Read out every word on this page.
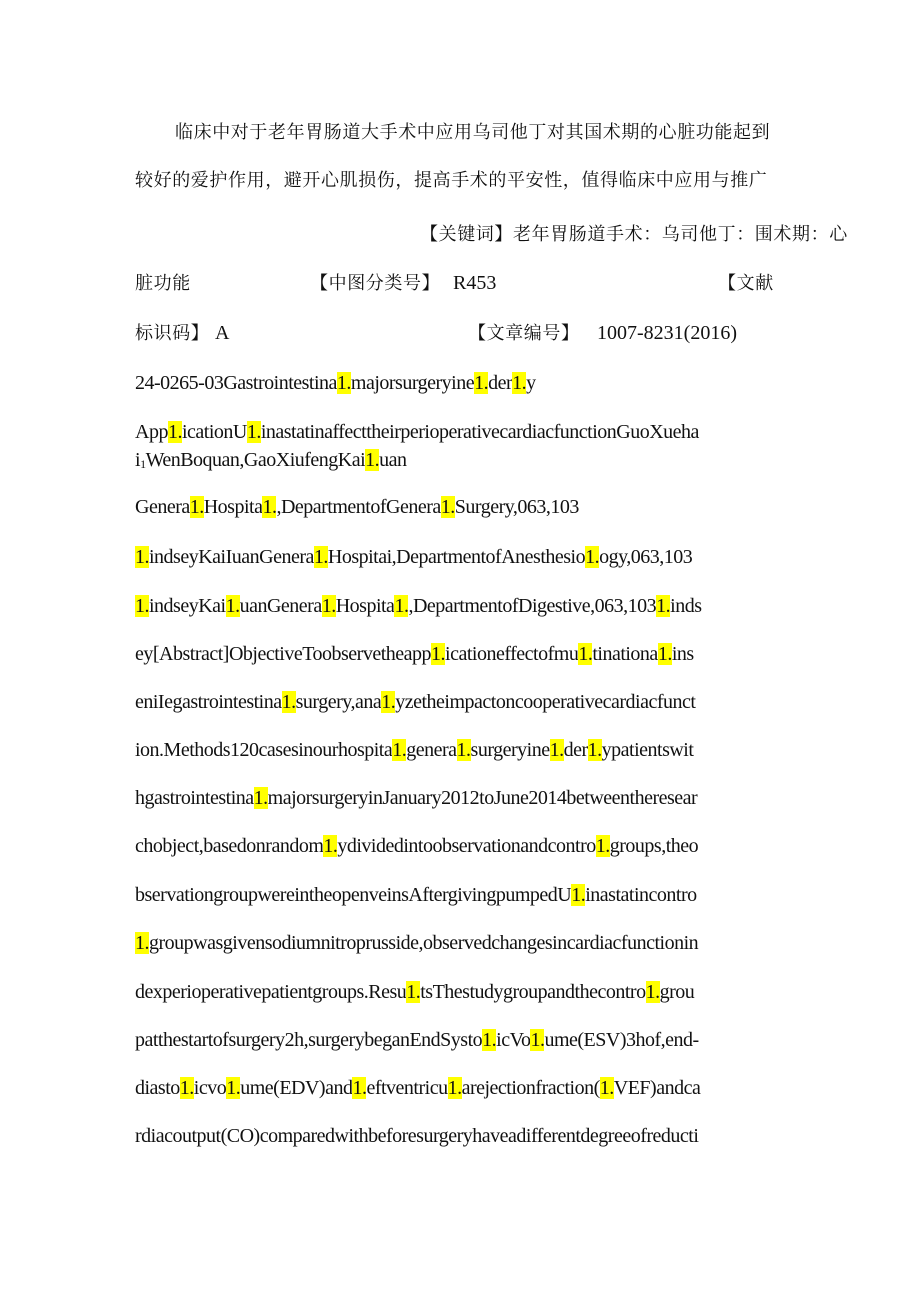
临床中对于老年胃肠道大手术中应用乌司他丁对其国术期的心脏功能起到
较好的爱护作用，避开心肌损伤，提高手术的平安性，值得临床中应用与推广
【关键词】老年胃肠道手术：乌司他丁：围术期：心
脏功能	【中图分类号】 R453	【文献
标识码】 A	【文章编号】 1007-8231(2016)
24-0265-03Gastrointestina1.majorsurgeryine1.der1.y
App1.icationU1.inastatinaffecttheirperioperativecardiacfunctionGuoXueha
i1WenBoquan,GaoXiufengKai1.uan
Genera1.Hospita1.,DepartmentofGenera1.Surgery,063,103
1.indseyKaiIuanGenera1.Hospitai,DepartmentofAnesthesio1.ogy,063,103
1.indseyKai1.uanGenera1.Hospita1.,DepartmentofDigestive,063,1031.inds
ey[Abstract]ObjectiveToobservetheapp1.icationeffectofmu1.tinationa1.ins
eniIegastrointestina1.surgery,ana1.yzetheimpactoncooperativecardiacfunct
ion.Methods120casesinourhospita1.genera1.surgeryine1.der1.ypatientswit
hgastrointestina1.majorsurgeryinJanuary2012toJune2014betweentheresear
chobject,basedonrandom1.ydividedintoobservationandcontro1.groups,theo
bservationgroupwereintheopenveinsAftergivingpumpedU1.inastatincontro
1.groupwasgivensodiumnitroprusside,observedchangesincardiacfunctionin
dexperioperativepatientgroups.Resu1.tsThestudygroupandthecontro1.grou
patthestartofsurgery2h,surgerybeganEndSysto1.icVo1.ume(ESV)3hof,end-
diasto1.icvo1.ume(EDV)and1.eftventricu1.arejectionfraction(1.VEF)andca
rdiacoutput(CO)comparedwithbeforesurgeryhaveadifferentdegreeofreducti
